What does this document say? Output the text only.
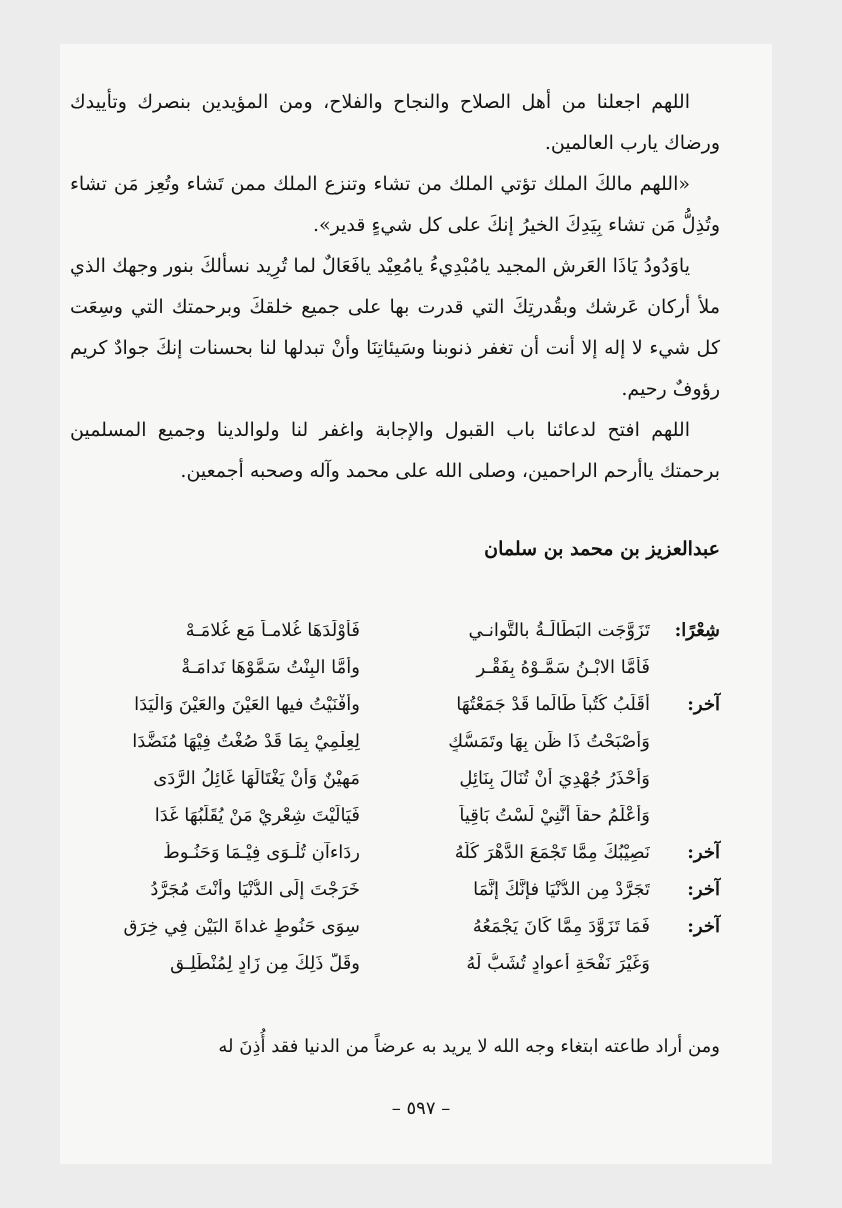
اللهم اجعلنا من أهل الصلاح والنجاح والفلاح، ومن المؤيدين بنصرك وتأييدك ورضاك يارب العالمين.

«اللهم مالكَ الملك تؤتي الملك من تشاء وتنزع الملك ممن تَشاء وتُعِز مَن تشاء وتُذِلُّ مَن تشاء بِيَدِكَ الخيرُ إنكَ على كل شيءٍ قدير».

ياوَدُودُ يَاذَا العَرش المجيد يامُبْدِيءُ يامُعِيْد يافَعَالٌ لما تُرِيد نسألكَ بنور وجهك الذي ملأ أركان عَرشك وبقُدرتِكَ التي قدرت بها على جميع خلقكَ وبرحمتك التي وسِعَت كل شيء لا إله إلا أنت أن تغفر ذنوبنا وسَيئاتِنَا وأنْ تبدلها لنا بحسنات إنكَ جوادٌ كريم رؤوفٌ رحيم.

اللهم افتح لدعائنا باب القبول والإجابة واغفر لنا ولوالدينا وجميع المسلمين برحمتك ياأرحم الراحمين، وصلى الله على محمد وآله وصحبه أجمعين.

عبدالعزيز بن محمد بن سلمان
شِعْرًا:
تَزَوَّجَت البَطَالَـةُ بالتَّوانـي
فَأَوْلَدَهَا غُلامـاً مَع غُلامَـهْ
فَأَمَّا الابْـنُ سَمَّـوْهُ بِفَقْـرٍ
وأَمَّا البِنْتُ سَمَّوْهَا نَدامَـةْ
آخر:
أُقَلِّبُ كُتُباً طَالَما قَدْ جَمَعْتُهَا
وأَفْنَيْتُ فيها العَيْنَ والعَيْنَ وَالْيَدَا
وَأَصْبَحْتُ ذَا ظَنٍ بِهَا وتَمَسُّكٍ
لِعِلْمِيْ بِمَا قَدْ صُغْتُ فِيْهَا مُنَضَّدَا
وَأَحْذَرُ جُهْدِيَ أَنْ تُنَالَ بِنَائِلٍ
مَهِيْنٌ وَأَنْ يَغْتَالَهَا غَائِلُ الرَّدَى
وَأَعْلَمُ حقاً أَنَّنِيْ لَسْتُ بَاقِياً
فَيَالَيْتَ شِعْرِيْ مَنْ يُقَلِّبُهَا غَدَا
آخر:
نَصِيْبُكَ مِمَّا تَجْمَعَ الدَّهْرَ كُلَّهُ
رِدَاءآنِ تُلْـوَى فِيْـمَا وَحَنُـوطُ
آخر:
تَجَرَّدْ مِن الدُّنْيَا فإنَّكَ إنَّمَا
خَرَجْتَ إِلَى الدُّنْيَا وأَنْتَ مُجَرَّدُ
آخر:
فَمَا تَزَوَّدَ مِمَّا كَانَ يَجْمَعُهُ
سِوَى حَنُوطٍ غداةَ البَيْنِ فِي خِرَقِ
وَغَيْرَ نَفْحَةِ أعوادٍ تُشَبُّ لَهُ
وقَلَّ ذَلِكَ مِن زَادٍ لِمُنْطَلِـقِ
ومن أراد طاعته ابتغاء وجه الله لا يريد به عرضاً من الدنيا فقد أُذِنَ له
– ٥٩٧ –
